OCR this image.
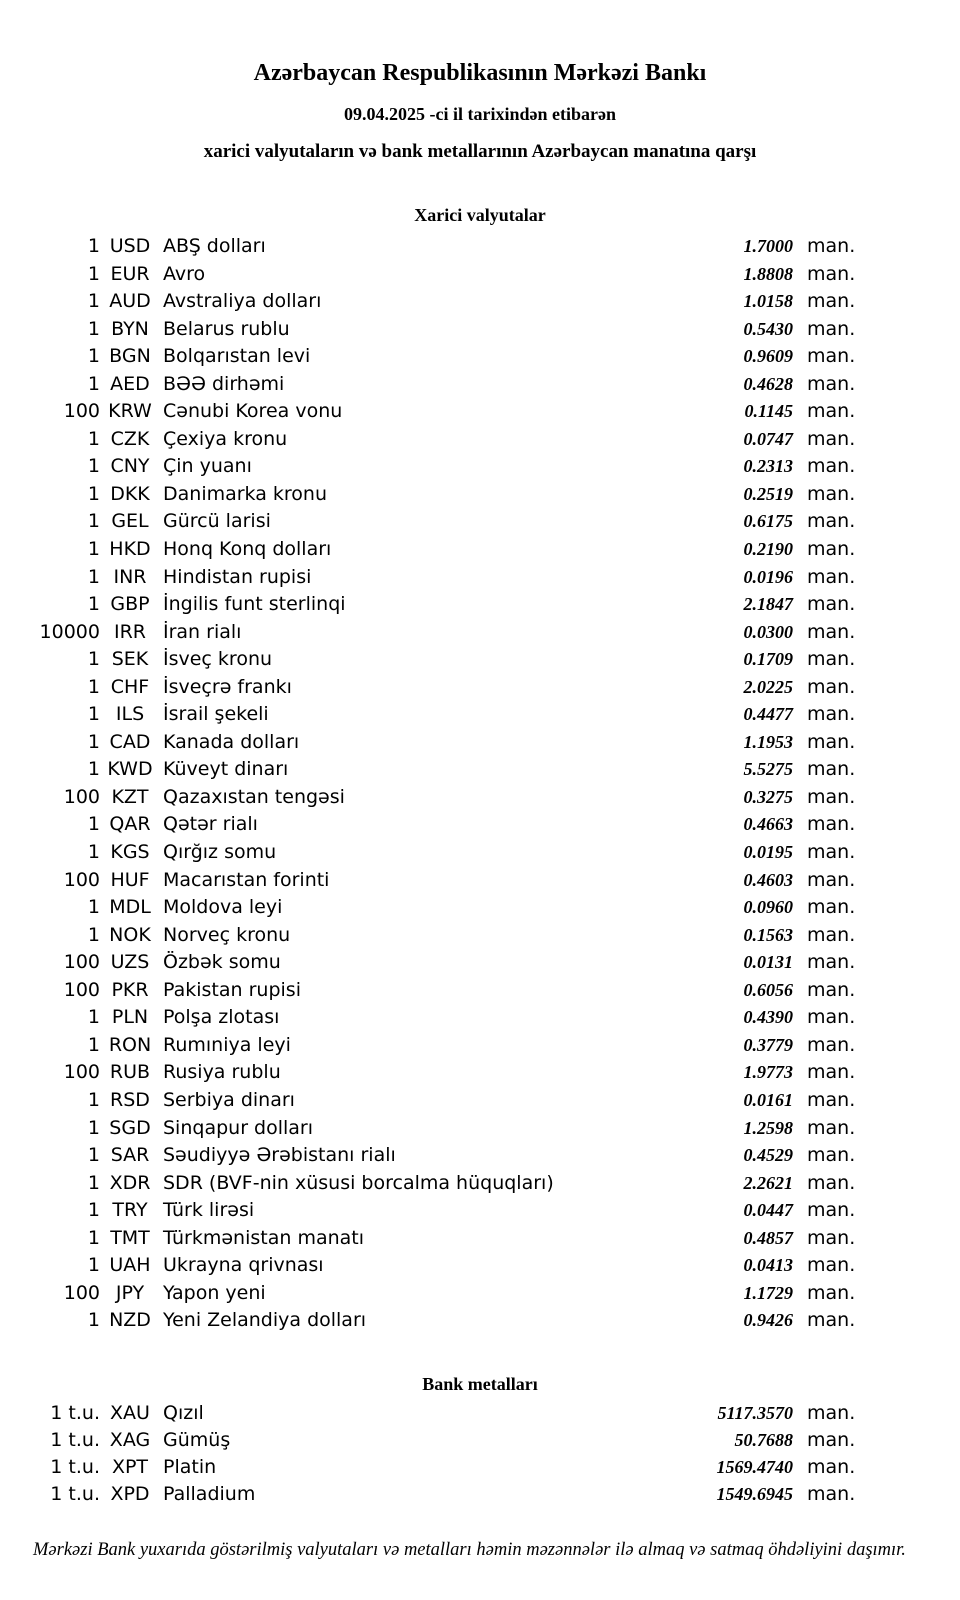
Azərbaycan Respublikasının Mərkəzi Bankı
09.04.2025 -ci il tarixindən etibarən
xarici valyutaların və bank metallarının Azərbaycan manatına qarşı
Xarici valyutalar
1 USD ABŞ dolları	1.7000 man.
1 EUR Avro	1.8808 man.
1 AUD Avstraliya dolları	1.0158 man.
1 BYN Belarus rublu	0.5430 man.
1 BGN Bolqarıstan levi	0.9609 man.
1 AED BƏƏ dirhəmi	0.4628 man.
100 KRW Cənubi Korea vonu	0.1145 man.
1 CZK Çexiya kronu	0.0747 man.
1 CNY Çin yuanı	0.2313 man.
1 DKK Danimarka kronu	0.2519 man.
1 GEL Gürcü larisi	0.6175 man.
1 HKD Honq Konq dolları	0.2190 man.
1 INR Hindistan rupisi	0.0196 man.
1 GBP İngilis funt sterlinqi	2.1847 man.
10000 IRR İran rialı	0.0300 man.
1 SEK İsveç kronu	0.1709 man.
1 CHF İsveçrə frankı	2.0225 man.
1 ILS İsrail şekeli	0.4477 man.
1 CAD Kanada dolları	1.1953 man.
1 KWD Küveyt dinarı	5.5275 man.
100 KZT Qazaxıstan tengəsi	0.3275 man.
1 QAR Qətər rialı	0.4663 man.
1 KGS Qırğız somu	0.0195 man.
100 HUF Macarıstan forinti	0.4603 man.
1 MDL Moldova leyi	0.0960 man.
1 NOK Norveç kronu	0.1563 man.
100 UZS Özbək somu	0.0131 man.
100 PKR Pakistan rupisi	0.6056 man.
1 PLN Polşa zlotası	0.4390 man.
1 RON Rumıniya leyi	0.3779 man.
100 RUB Rusiya rublu	1.9773 man.
1 RSD Serbiya dinarı	0.0161 man.
1 SGD Sinqapur dolları	1.2598 man.
1 SAR Səudiyyə Ərəbistanı rialı	0.4529 man.
1 XDR SDR (BVF-nin xüsusi borcalma hüquqları)	2.2621 man.
1 TRY Türk lirəsi	0.0447 man.
1 TMT Türkmənistan manatı	0.4857 man.
1 UAH Ukrayna qrivnası	0.0413 man.
100 JPY Yapon yeni	1.1729 man.
1 NZD Yeni Zelandiya dolları	0.9426 man.
Bank metalları
1 t.u. XAU Qızıl	5117.3570 man.
1 t.u. XAG Gümüş	50.7688 man.
1 t.u. XPT Platin	1569.4740 man.
1 t.u. XPD Palladium	1549.6945 man.
Mərkəzi Bank yuxarıda göstərilmiş valyutaları və metalları həmin məzənnələr ilə almaq və satmaq öhdəliyini daşımır.
